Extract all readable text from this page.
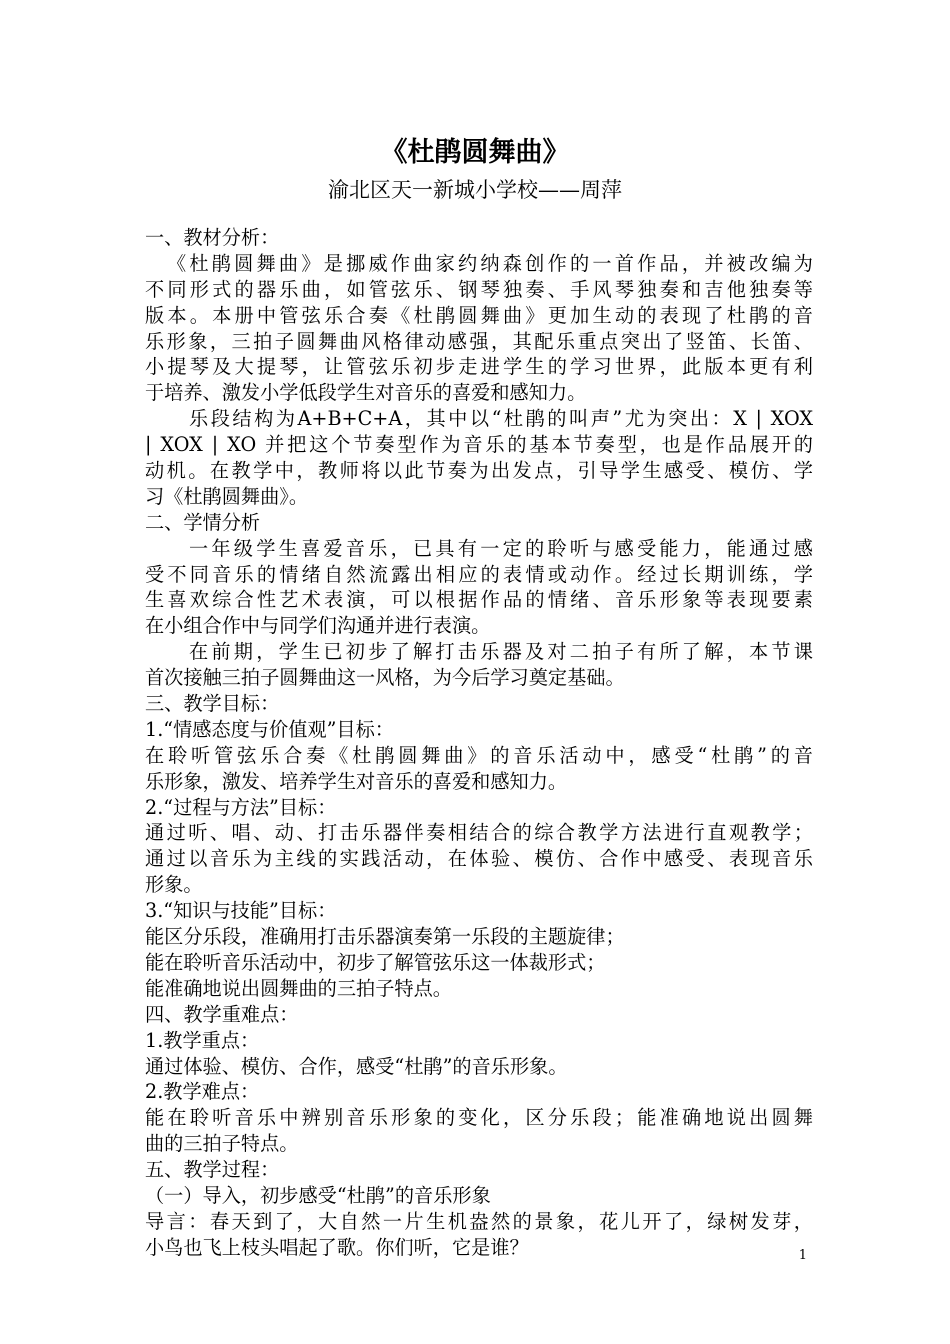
《杜鹃圆舞曲》
渝北区天一新城小学校——周萍
一、教材分析：
《杜鹃圆舞曲》是挪威作曲家约纳森创作的一首作品，并被改编为
不同形式的器乐曲，如管弦乐、钢琴独奏、手风琴独奏和吉他独奏等
版本。本册中管弦乐合奏《杜鹃圆舞曲》更加生动的表现了杜鹃的音
乐形象，三拍子圆舞曲风格律动感强，其配乐重点突出了竖笛、长笛、
小提琴及大提琴，让管弦乐初步走进学生的学习世界，此版本更有利
于培养、激发小学低段学生对音乐的喜爱和感知力。
乐段结构为A+B+C+A，其中以“杜鹃的叫声”尤为突出：X | XOX
| XOX | XO 并把这个节奏型作为音乐的基本节奏型，也是作品展开的
动机。在教学中，教师将以此节奏为出发点，引导学生感受、模仿、学
习《杜鹃圆舞曲》。
二、学情分析
一年级学生喜爱音乐，已具有一定的聆听与感受能力，能通过感
受不同音乐的情绪自然流露出相应的表情或动作。经过长期训练，学
生喜欢综合性艺术表演，可以根据作品的情绪、音乐形象等表现要素
在小组合作中与同学们沟通并进行表演。
在前期，学生已初步了解打击乐器及对二拍子有所了解，本节课
首次接触三拍子圆舞曲这一风格，为今后学习奠定基础。
三、教学目标：
1.“情感态度与价值观”目标：
在聆听管弦乐合奏《杜鹃圆舞曲》的音乐活动中，感受“杜鹃”的音
乐形象，激发、培养学生对音乐的喜爱和感知力。
2.“过程与方法”目标：
通过听、唱、动、打击乐器伴奏相结合的综合教学方法进行直观教学；
通过以音乐为主线的实践活动，在体验、模仿、合作中感受、表现音乐
形象。
3.“知识与技能”目标：
能区分乐段，准确用打击乐器演奏第一乐段的主题旋律；
能在聆听音乐活动中，初步了解管弦乐这一体裁形式；
能准确地说出圆舞曲的三拍子特点。
四、教学重难点：
1.教学重点：
通过体验、模仿、合作，感受“杜鹃”的音乐形象。
2.教学难点：
能在聆听音乐中辨别音乐形象的变化，区分乐段；能准确地说出圆舞
曲的三拍子特点。
五、教学过程：
（一）导入，初步感受“杜鹃”的音乐形象
导言：春天到了，大自然一片生机盎然的景象，花儿开了，绿树发芽，
小鸟也飞上枝头唱起了歌。你们听，它是谁？	1
